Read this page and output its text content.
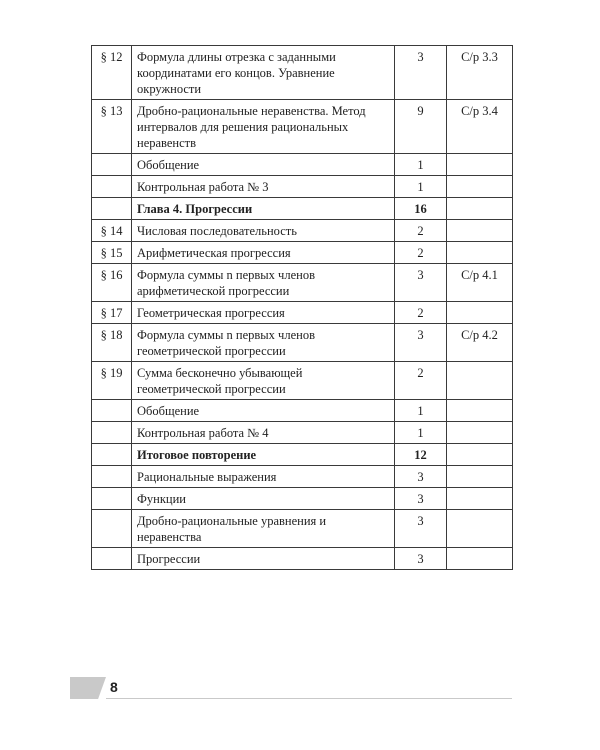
§ 12	Формула длины отрезка с заданными координатами его концов. Уравнение окружности	3	С/р 3.3
§ 13	Дробно-рациональные неравенства. Метод интервалов для решения рациональных неравенств	9	С/р 3.4
	Обобщение	1	
	Контрольная работа № 3	1	
	Глава 4. Прогрессии	16	
§ 14	Числовая последовательность	2	
§ 15	Арифметическая прогрессия	2	
§ 16	Формула суммы n первых членов арифметической прогрессии	3	С/р 4.1
§ 17	Геометрическая прогрессия	2	
§ 18	Формула суммы n первых членов геометрической прогрессии	3	С/р 4.2
§ 19	Сумма бесконечно убывающей геометрической прогрессии	2	
	Обобщение	1	
	Контрольная работа № 4	1	
	Итоговое повторение	12	
	Рациональные выражения	3	
	Функции	3	
	Дробно-рациональные уравнения и неравенства	3	
	Прогрессии	3	
8
